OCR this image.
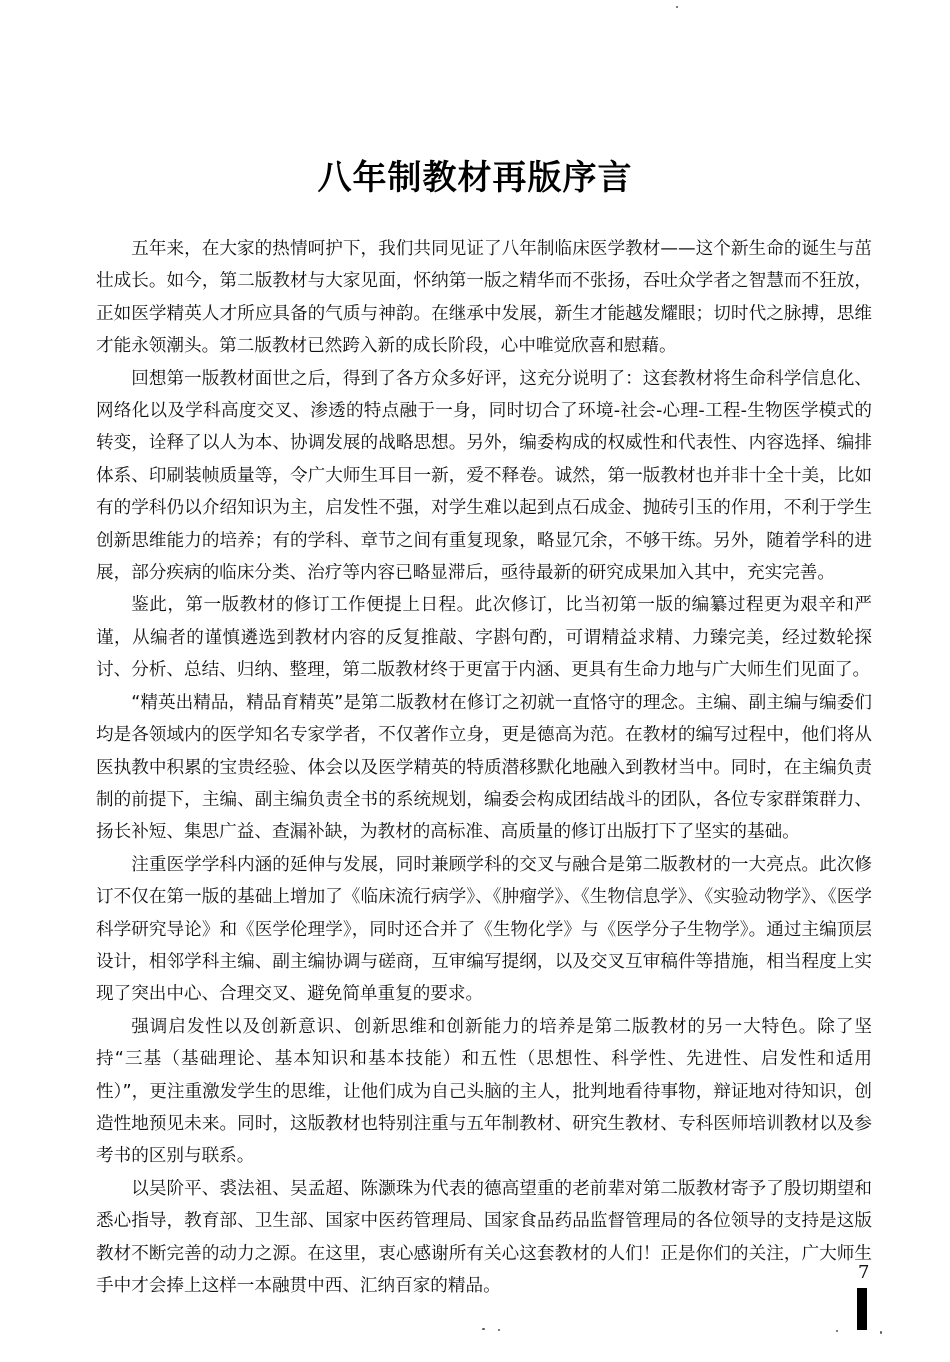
八年制教材再版序言

五年来，在大家的热情呵护下，我们共同见证了八年制临床医学教材——这个新生命的诞生与茁壮成长。如今，第二版教材与大家见面，怀纳第一版之精华而不张扬，吞吐众学者之智慧而不狂放，正如医学精英人才所应具备的气质与神韵。在继承中发展，新生才能越发耀眼；切时代之脉搏，思维才能永领潮头。第二版教材已然跨入新的成长阶段，心中唯觉欣喜和慰藉。

回想第一版教材面世之后，得到了各方众多好评，这充分说明了：这套教材将生命科学信息化、网络化以及学科高度交叉、渗透的特点融于一身，同时切合了环境-社会-心理-工程-生物医学模式的转变，诠释了以人为本、协调发展的战略思想。另外，编委构成的权威性和代表性、内容选择、编排体系、印刷装帧质量等，令广大师生耳目一新，爱不释卷。诚然，第一版教材也并非十全十美，比如有的学科仍以介绍知识为主，启发性不强，对学生难以起到点石成金、抛砖引玉的作用，不利于学生创新思维能力的培养；有的学科、章节之间有重复现象，略显冗余，不够干练。另外，随着学科的进展，部分疾病的临床分类、治疗等内容已略显滞后，亟待最新的研究成果加入其中，充实完善。

鉴此，第一版教材的修订工作便提上日程。此次修订，比当初第一版的编纂过程更为艰辛和严谨，从编者的谨慎遴选到教材内容的反复推敲、字斟句酌，可谓精益求精、力臻完美，经过数轮探讨、分析、总结、归纳、整理，第二版教材终于更富于内涵、更具有生命力地与广大师生们见面了。

“精英出精品，精品育精英”是第二版教材在修订之初就一直恪守的理念。主编、副主编与编委们均是各领域内的医学知名专家学者，不仅著作立身，更是德高为范。在教材的编写过程中，他们将从医执教中积累的宝贵经验、体会以及医学精英的特质潜移默化地融入到教材当中。同时，在主编负责制的前提下，主编、副主编负责全书的系统规划，编委会构成团结战斗的团队，各位专家群策群力、扬长补短、集思广益、查漏补缺，为教材的高标准、高质量的修订出版打下了坚实的基础。

注重医学学科内涵的延伸与发展，同时兼顾学科的交叉与融合是第二版教材的一大亮点。此次修订不仅在第一版的基础上增加了《临床流行病学》、《肿瘤学》、《生物信息学》、《实验动物学》、《医学科学研究导论》和《医学伦理学》，同时还合并了《生物化学》与《医学分子生物学》。通过主编顶层设计，相邻学科主编、副主编协调与磋商，互审编写提纲，以及交叉互审稿件等措施，相当程度上实现了突出中心、合理交叉、避免简单重复的要求。

强调启发性以及创新意识、创新思维和创新能力的培养是第二版教材的另一大特色。除了坚持“三基（基础理论、基本知识和基本技能）和五性（思想性、科学性、先进性、启发性和适用性）”，更注重激发学生的思维，让他们成为自己头脑的主人，批判地看待事物，辩证地对待知识，创造性地预见未来。同时，这版教材也特别注重与五年制教材、研究生教材、专科医师培训教材以及参考书的区别与联系。

以吴阶平、裘法祖、吴孟超、陈灏珠为代表的德高望重的老前辈对第二版教材寄予了殷切期望和悉心指导，教育部、卫生部、国家中医药管理局、国家食品药品监督管理局的各位领导的支持是这版教材不断完善的动力之源。在这里，衷心感谢所有关心这套教材的人们！正是你们的关注，广大师生手中才会捧上这样一本融贯中西、汇纳百家的精品。

7
